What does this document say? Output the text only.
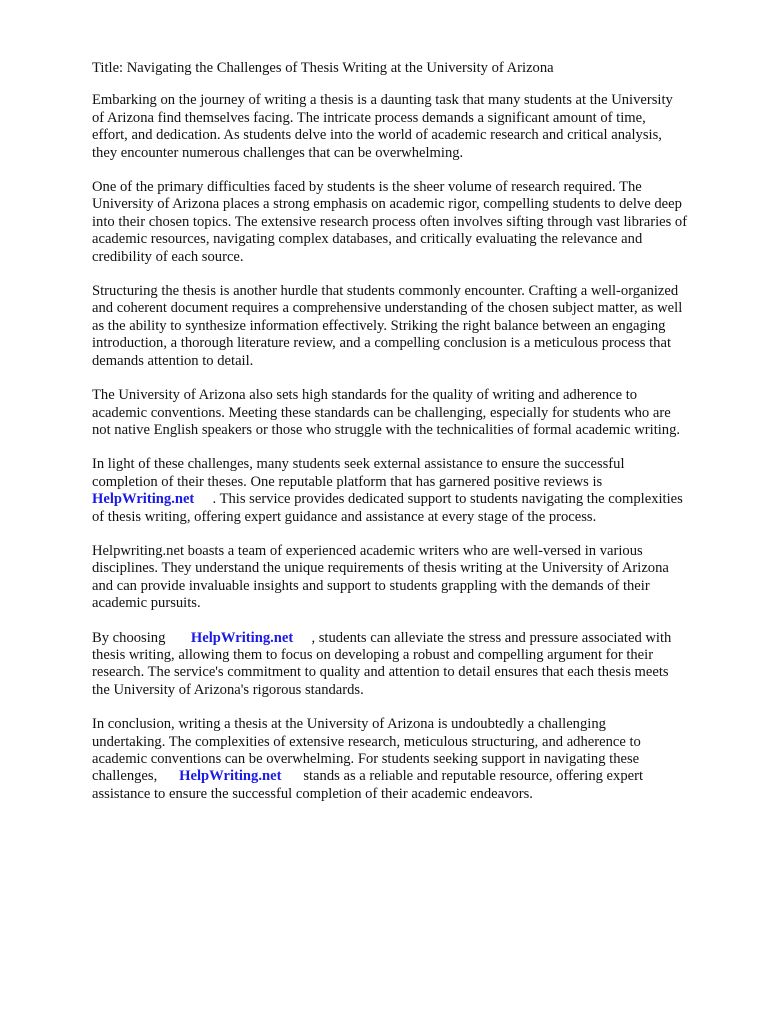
Title: Navigating the Challenges of Thesis Writing at the University of Arizona
Embarking on the journey of writing a thesis is a daunting task that many students at the University
of Arizona find themselves facing. The intricate process demands a significant amount of time,
effort, and dedication. As students delve into the world of academic research and critical analysis,
they encounter numerous challenges that can be overwhelming.
One of the primary difficulties faced by students is the sheer volume of research required. The
University of Arizona places a strong emphasis on academic rigor, compelling students to delve deep
into their chosen topics. The extensive research process often involves sifting through vast libraries of
academic resources, navigating complex databases, and critically evaluating the relevance and
credibility of each source.
Structuring the thesis is another hurdle that students commonly encounter. Crafting a well-organized
and coherent document requires a comprehensive understanding of the chosen subject matter, as well
as the ability to synthesize information effectively. Striking the right balance between an engaging
introduction, a thorough literature review, and a compelling conclusion is a meticulous process that
demands attention to detail.
The University of Arizona also sets high standards for the quality of writing and adherence to
academic conventions. Meeting these standards can be challenging, especially for students who are
not native English speakers or those who struggle with the technicalities of formal academic writing.
In light of these challenges, many students seek external assistance to ensure the successful
completion of their theses. One reputable platform that has garnered positive reviews is
HelpWriting.net     . This service provides dedicated support to students navigating the complexities
of thesis writing, offering expert guidance and assistance at every stage of the process.
Helpwriting.net boasts a team of experienced academic writers who are well-versed in various
disciplines. They understand the unique requirements of thesis writing at the University of Arizona
and can provide invaluable insights and support to students grappling with the demands of their
academic pursuits.
By choosing       HelpWriting.net     , students can alleviate the stress and pressure associated with
thesis writing, allowing them to focus on developing a robust and compelling argument for their
research. The service's commitment to quality and attention to detail ensures that each thesis meets
the University of Arizona's rigorous standards.
In conclusion, writing a thesis at the University of Arizona is undoubtedly a challenging
undertaking. The complexities of extensive research, meticulous structuring, and adherence to
academic conventions can be overwhelming. For students seeking support in navigating these
challenges,      HelpWriting.net      stands as a reliable and reputable resource, offering expert
assistance to ensure the successful completion of their academic endeavors.
